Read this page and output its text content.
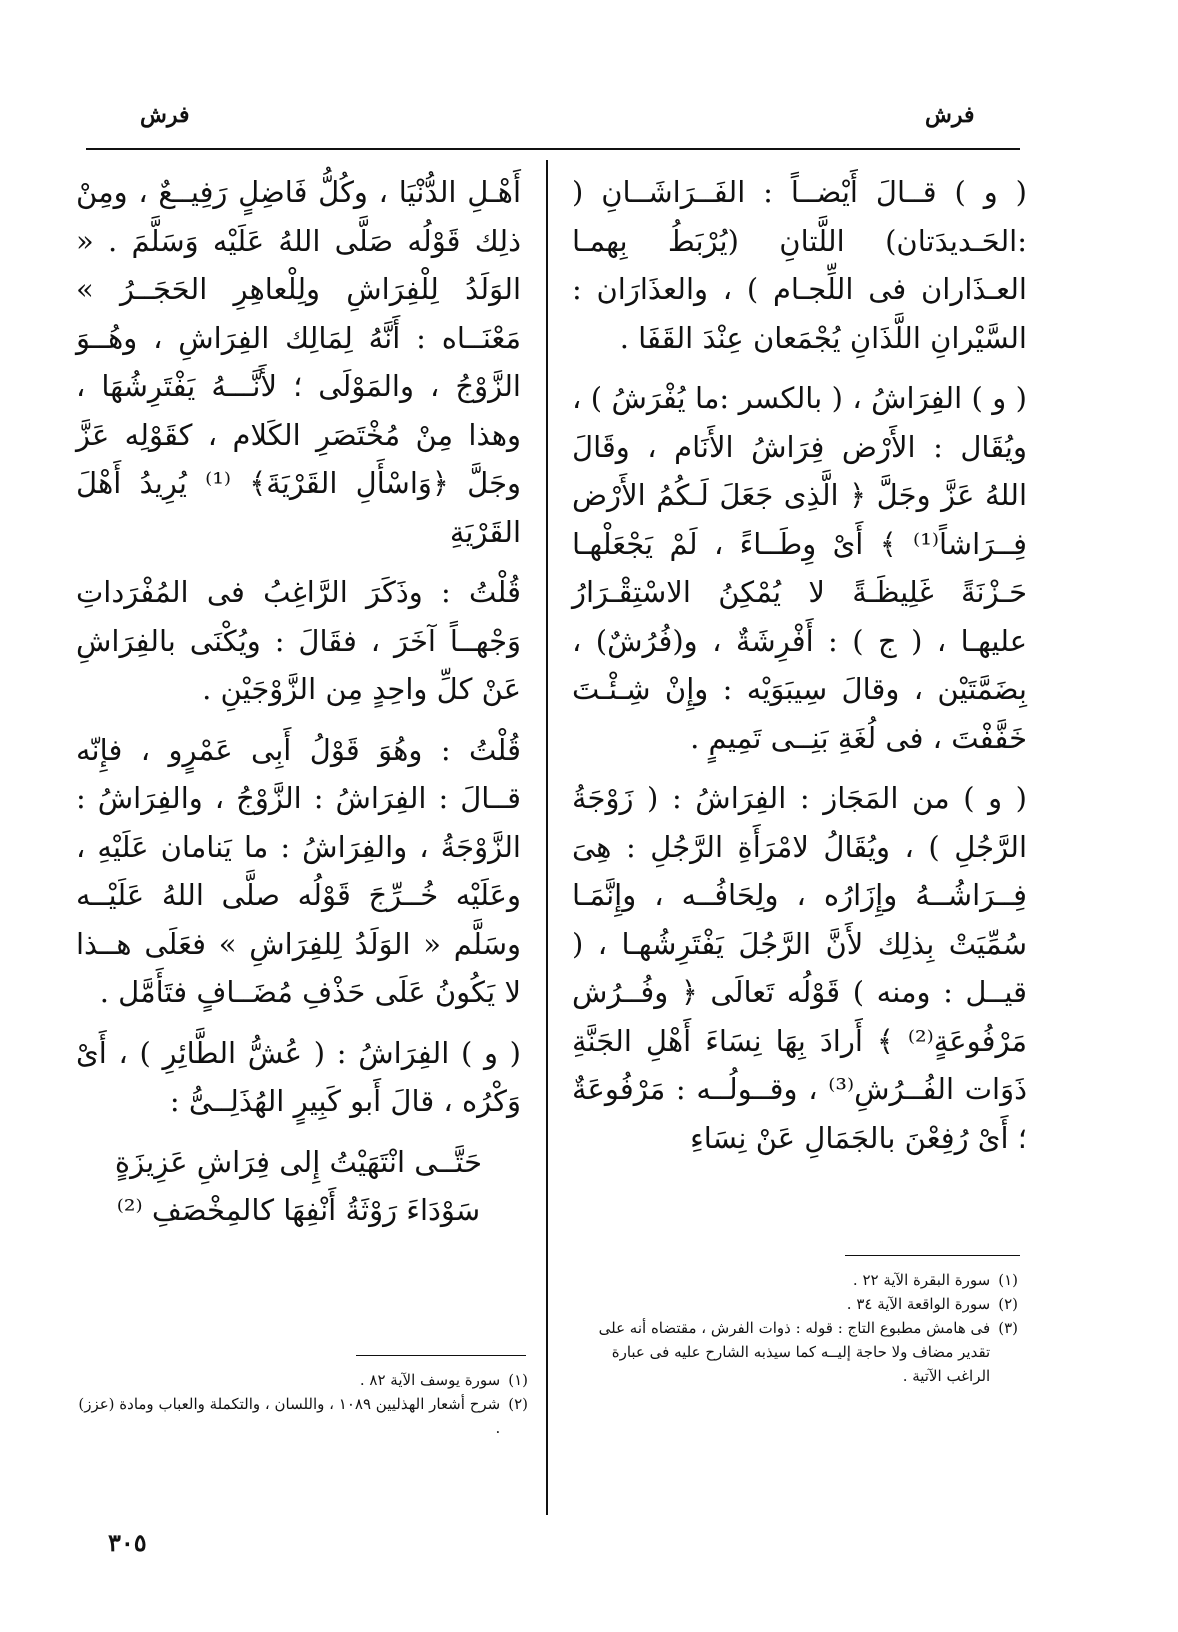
فرش	فرش

( و ) قــالَ أَيْضــاً : الفَــرَاشَــانِ ( :الحَـديدَتان) اللَّتانِ (يُرْبَطُ بِهمـا العـذَاران فى اللِّجـام ) ، والعذَارَان : السَّيْرانِ اللَّذَانِ يُجْمَعان عِنْدَ القَفَا .

( و ) الفِرَاشُ ، ( بالكسر :ما يُفْرَشُ ) ، ويُقَال : الأَرْض فِرَاشُ الأَنَام ، وقَالَ اللهُ عَزَّ وجَلَّ ﴿ الَّذِى جَعَلَ لَـكُمُ الأَرْض فِــرَاشاً⁽¹⁾ ﴾ أَىْ وِطَــاءً ، لَمْ يَجْعَلْهـا حَـزْنَةً غَلِيظَـةً لا يُمْكِنُ الاسْتِقْـرَارُ عليهـا ، ( ج ) : أَفْرِشَةٌ ، و(فُرُشٌ) ، بِضَمَّتَيْن ، وقالَ سِيبَوَيْه : وإِنْ شِـئْـتَ خَفَّفْتَ ، فى لُغَةِ بَنِــى تَمِيمٍ .

( و ) من المَجَاز : الفِرَاشُ : ( زَوْجَةُ الرَّجُلِ ) ، ويُقَالُ لامْرَأَةِ الرَّجُلِ : هِىَ فِــرَاشُــهُ وإِزَارُه ، ولِحَافُــه ، وإِنَّمَـا سُمِّيَتْ بِذلِك لأَنَّ الرَّجُلَ يَفْتَرِشُهـا ، ( قيــل : ومنه ) قَوْلُه تَعالَى ﴿ وفُــرُش مَرْفُوعَةٍ⁽²⁾ ﴾ أَرادَ بِهَا نِسَاءَ أَهْلِ الجَنَّةِ ذَوَات الفُــرُشِ⁽³⁾ ، وقــولُــه : مَرْفُوعَةٌ ؛ أَىْ رُفِعْنَ بالجَمَالِ عَنْ نِسَاءِ

أَهْـلِ الدُّنْيَا ، وكُلُّ فَاضِلٍ رَفِيــعٌ ، ومِنْ ذلِك قَوْلُه صَلَّى اللهُ عَلَيْه وَسَلَّمَ . « الوَلَدُ لِلْفِرَاشِ ولِلْعاهِرِ الحَجَــرُ » مَعْنَــاه : أَنَّهُ لِمَالِك الفِرَاشِ ، وهُــوَ الزَّوْجُ ، والمَوْلَى ؛ لأَنَّـــهُ يَفْتَرِشُهَا ، وهذا مِنْ مُخْتَصَرِ الكَلام ، كقَوْلِه عَزَّ وجَلَّ ﴿وَاسْأَلِ القَرْيَةَ﴾ ⁽¹⁾ يُرِيدُ أَهْلَ القَرْيَةِ

قُلْتُ : وذَكَرَ الرَّاغِبُ فى المُفْرَداتِ وَجْهــاً آخَرَ ، فقَالَ : ويُكْنَى بالفِرَاشِ عَنْ كلِّ واحِدٍ مِن الزَّوْجَيْنِ .

قُلْتُ : وهُوَ قَوْلُ أَبِى عَمْرٍو ، فإِنّه قــالَ : الفِرَاشُ : الزَّوْجُ ، والفِرَاشُ : الزَّوْجَةُ ، والفِرَاشُ : ما يَنامان عَلَيْهِ ، وعَلَيْه خُــرِّجَ قَوْلُه صلَّى اللهُ عَلَيْــه وسَلَّم « الوَلَدُ لِلفِرَاشِ » فعَلَى هــذا لا يَكُونُ عَلَى حَذْفِ مُضَــافٍ فتَأَمَّل .

( و ) الفِرَاشُ : ( عُشُّ الطَّائِرِ ) ، أَىْ وَكْرُه ، قالَ أَبو كَبِيرٍ الهُذَلِــىُّ :

حَتَّــى انْتَهَيْتُ إِلى فِرَاشِ عَزِيزَةٍ
سَوْدَاءَ رَوْثَةُ أَنْفِهَا كالمِخْصَفِ ⁽²⁾
(١)
سورة البقرة الآية ٢٢ .
(٢)
سورة الواقعة الآية ٣٤ .
(٣)
فى هامش مطبوع التاج : قوله : ذوات الفرش ، مقتضاه أنه على تقدير مضاف ولا حاجة إليــه كما سيذبه الشارح عليه فى عبارة الراغب الآتية .
(١)
سورة يوسف الآية ٨٢ .
(٢)
شرح أشعار الهذليين ١٠٨٩ ، واللسان ، والتكملة والعباب ومادة (عزز) .
٣٠٥
